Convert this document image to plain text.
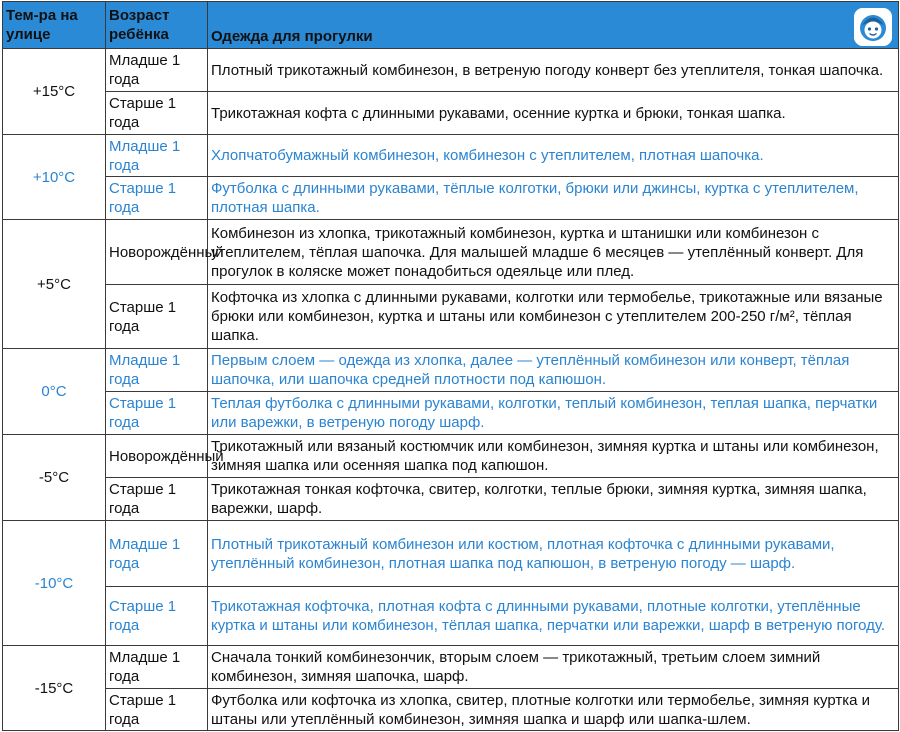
Тем-ра на улице	Возраст ребёнка	Одежда для прогулки

+15°С	Младше 1 года	Плотный трикотажный комбинезон, в ветреную погоду конверт без утеплителя, тонкая шапочка.
	Старше 1 года	Трикотажная кофта с длинными рукавами, осенние куртка и брюки, тонкая шапка.
+10°С	Младше 1 года	Хлопчатобумажный комбинезон, комбинезон с утеплителем, плотная шапочка.
	Старше 1 года	Футболка с длинными рукавами, тёплые колготки, брюки или джинсы, куртка с утеплителем, плотная шапка.
+5°С	Новорождённый	Комбинезон из хлопка, трикотажный комбинезон, куртка и штанишки или комбинезон с утеплителем, тёплая шапочка. Для малышей младше 6 месяцев — утеплённый конверт. Для прогулок в коляске может понадобиться одеяльце или плед.
	Старше 1 года	Кофточка из хлопка с длинными рукавами, колготки или термобелье, трикотажные или вязаные брюки или комбинезон, куртка и штаны или комбинезон с утеплителем 200-250 г/м², тёплая шапка.
0°С	Младше 1 года	Первым слоем — одежда из хлопка, далее — утеплённый комбинезон или конверт, тёплая шапочка, или шапочка средней плотности под капюшон.
	Старше 1 года	Теплая футболка с длинными рукавами, колготки, теплый комбинезон, теплая шапка, перчатки или варежки, в ветреную погоду шарф.
-5°С	Новорождённый	Трикотажный или вязаный костюмчик или комбинезон, зимняя куртка и штаны или комбинезон, зимняя шапка или осенняя шапка под капюшон.
	Старше 1 года	Трикотажная тонкая кофточка, свитер, колготки, теплые брюки, зимняя куртка, зимняя шапка, варежки, шарф.
-10°С	Младше 1 года	Плотный трикотажный комбинезон или костюм, плотная кофточка с длинными рукавами, утеплённый комбинезон, плотная шапка под капюшон, в ветреную погоду — шарф.
	Старше 1 года	Трикотажная кофточка, плотная кофта с длинными рукавами, плотные колготки, утеплённые куртка и штаны или комбинезон, тёплая шапка, перчатки или варежки, шарф в ветреную погоду.
-15°С	Младше 1 года	Сначала тонкий комбинезончик, вторым слоем — трикотажный, третьим слоем зимний комбинезон, зимняя шапочка, шарф.
	Старше 1 года	Футболка или кофточка из хлопка, свитер, плотные колготки или термобелье, зимняя куртка и штаны или утеплённый комбинезон, зимняя шапка и шарф или шапка-шлем.
